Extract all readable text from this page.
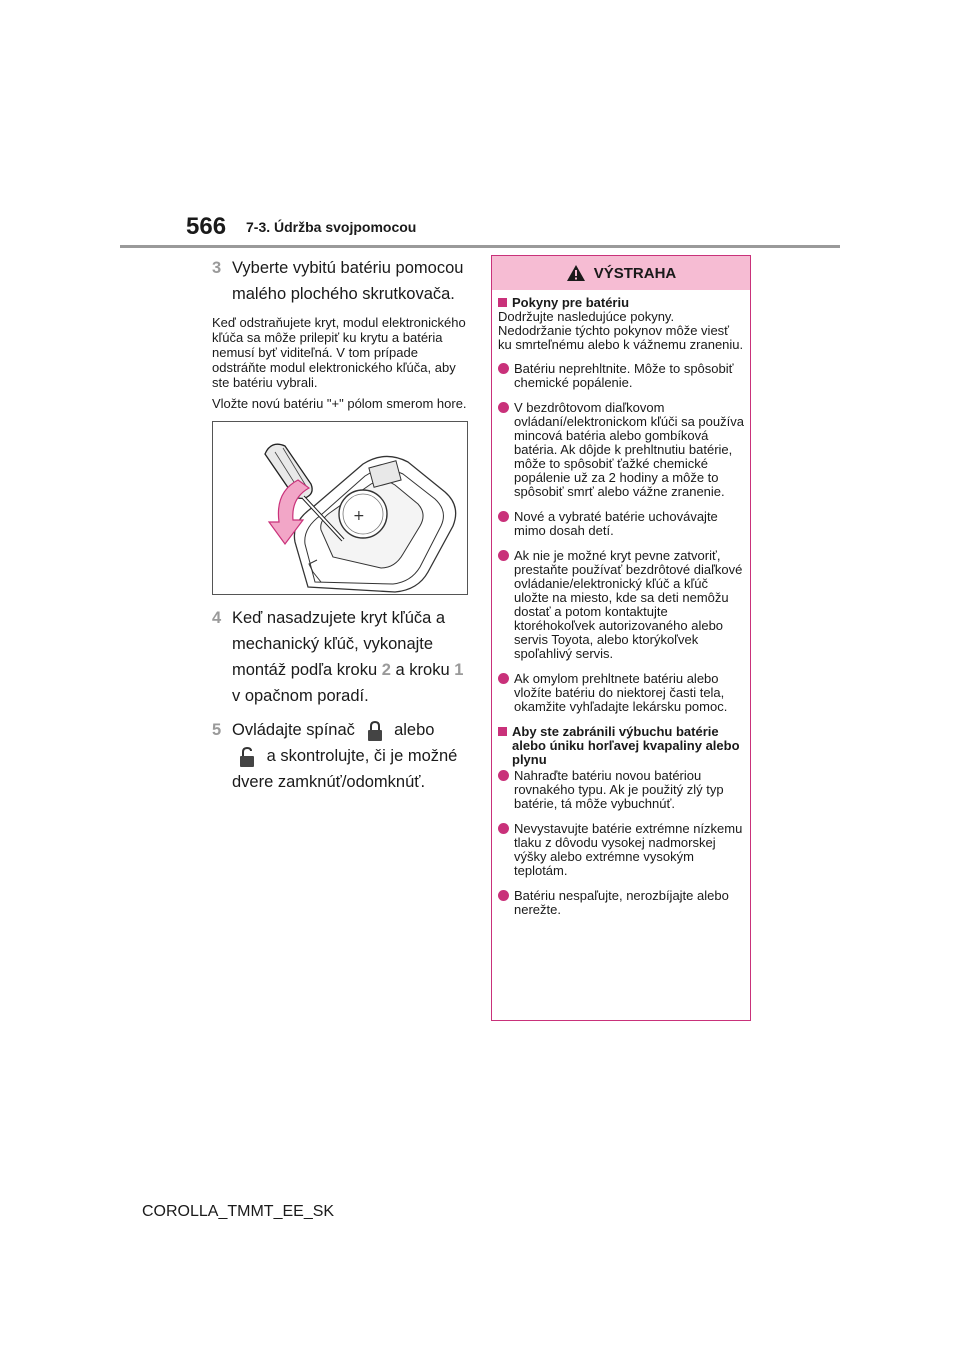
566 7-3. Údržba svojpomocou
3 Vyberte vybitú batériu pomocou malého plochého skrutkovača.
Keď odstraňujete kryt, modul elektronického kľúča sa môže prilepiť ku krytu a batéria nemusí byť viditeľná. V tom prípade odstráňte modul elektronického kľúča, aby ste batériu vybrali.
Vložte novú batériu "+" pólom smerom hore.
+
4 Keď nasadzujete kryt kľúča a mechanický kľúč, vykonajte montáž podľa kroku 2 a kroku 1 v opačnom poradí.
5 Ovládajte spínač alebo  a skontrolujte, či je možné dvere zamknúť/odomknúť.
VÝSTRAHA
Pokyny pre batériu
Dodržujte nasledujúce pokyny. Nedodržanie týchto pokynov môže viesť ku smrteľnému alebo k vážnemu zraneniu.
Batériu neprehltnite. Môže to spôsobiť chemické popálenie.
V bezdrôtovom diaľkovom ovládaní/elektronickom kľúči sa používa mincová batéria alebo gombíková batéria. Ak dôjde k prehltnutiu batérie, môže to spôsobiť ťažké chemické popálenie už za 2 hodiny a môže to spôsobiť smrť alebo vážne zranenie.
Nové a vybraté batérie uchovávajte mimo dosah detí.
Ak nie je možné kryt pevne zatvoriť, prestaňte používať bezdrôtové diaľkové ovládanie/elektronický kľúč a kľúč uložte na miesto, kde sa deti nemôžu dostať a potom kontaktujte ktoréhokoľvek autorizovaného alebo servis Toyota, alebo ktorýkoľvek spoľahlivý servis.
Ak omylom prehltnete batériu alebo vložíte batériu do niektorej časti tela, okamžite vyhľadajte lekársku pomoc.
Aby ste zabránili výbuchu batérie alebo úniku horľavej kvapaliny alebo plynu
Nahraďte batériu novou batériou rovnakého typu. Ak je použitý zlý typ batérie, tá môže vybuchnúť.
Nevystavujte batérie extrémne nízkemu tlaku z dôvodu vysokej nadmorskej výšky alebo extrémne vysokým teplotám.
Batériu nespaľujte, nerozbíjajte alebo nerežte.
COROLLA_TMMT_EE_SK
